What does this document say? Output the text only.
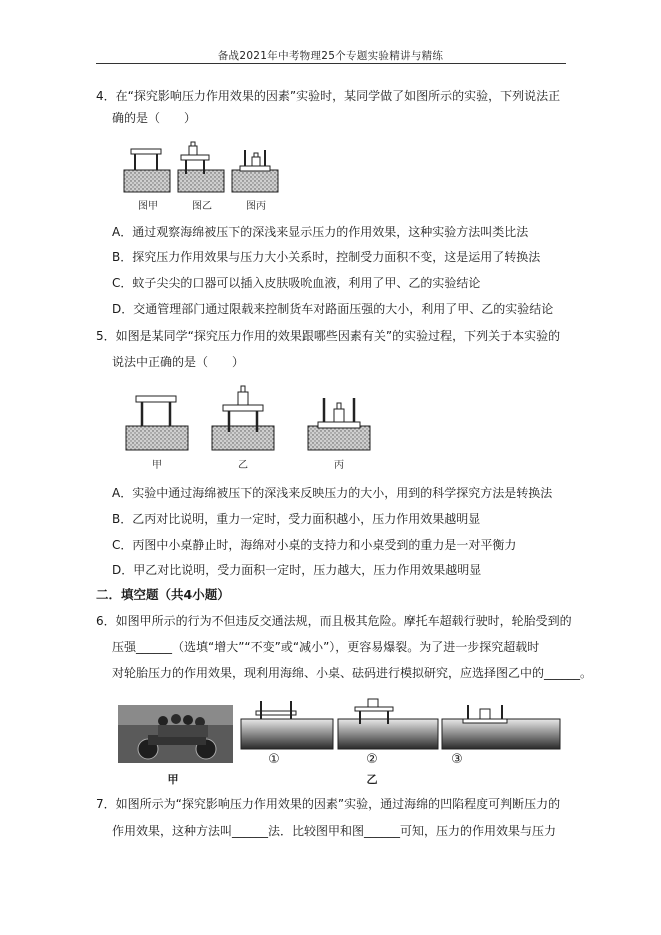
备战2021年中考物理25个专题实验精讲与精练
4．在“探究影响压力作用效果的因素”实验时，某同学做了如图所示的实验，下列说法正
确的是（　　）
图甲	图乙	图丙
A．通过观察海绵被压下的深浅来显示压力的作用效果，这种实验方法叫类比法
B．探究压力作用效果与压力大小关系时，控制受力面积不变，这是运用了转换法
C．蚊子尖尖的口器可以插入皮肤吸吮血液，利用了甲、乙的实验结论
D．交通管理部门通过限载来控制货车对路面压强的大小，利用了甲、乙的实验结论
5．如图是某同学“探究压力作用的效果跟哪些因素有关”的实验过程，下列关于本实验的
说法中正确的是（　　）
甲	乙	丙
A．实验中通过海绵被压下的深浅来反映压力的大小，用到的科学探究方法是转换法
B．乙丙对比说明，重力一定时，受力面积越小，压力作用效果越明显
C．丙图中小桌静止时，海绵对小桌的支持力和小桌受到的重力是一对平衡力
D．甲乙对比说明，受力面积一定时，压力越大，压力作用效果越明显
二．填空题（共4小题）
6．如图甲所示的行为不但违反交通法规，而且极其危险。摩托车超载行驶时，轮胎受到的
压强______（选填“增大”“不变”或“减小”），更容易爆裂。为了进一步探究超载时
对轮胎压力的作用效果，现利用海绵、小桌、砝码进行模拟研究，应选择图乙中的______。
甲
①	②	③
乙
7．如图所示为“探究影响压力作用效果的因素”实验，通过海绵的凹陷程度可判断压力的
作用效果，这种方法叫______法．比较图甲和图______可知，压力的作用效果与压力
